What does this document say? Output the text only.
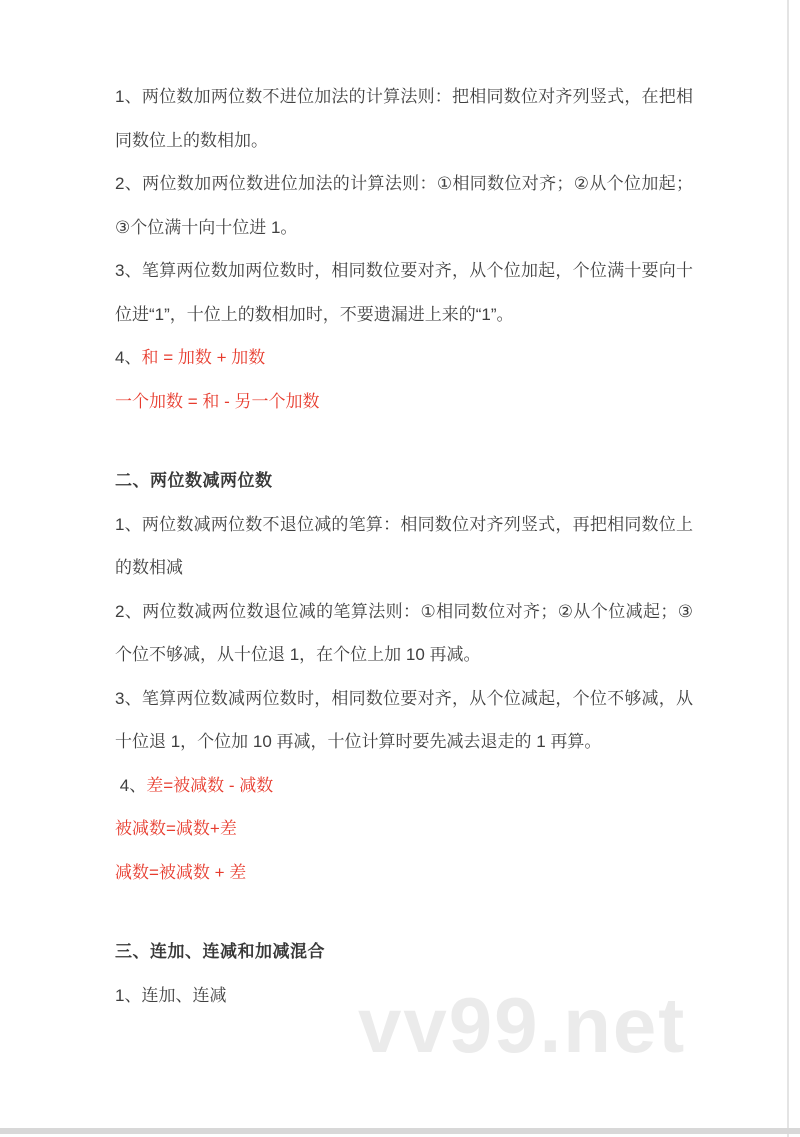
vv99.net

1、两位数加两位数不进位加法的计算法则：把相同数位对齐列竖式，在把相同数位上的数相加。

2、两位数加两位数进位加法的计算法则：①相同数位对齐；②从个位加起；③个位满十向十位进 1。

3、笔算两位数加两位数时，相同数位要对齐，从个位加起，个位满十要向十位进“1”，十位上的数相加时，不要遗漏进上来的“1”。

4、和 = 加数 + 加数

一个加数 = 和 - 另一个加数

二、两位数减两位数

1、两位数减两位数不退位减的笔算：相同数位对齐列竖式，再把相同数位上的数相减

2、两位数减两位数退位减的笔算法则：①相同数位对齐；②从个位减起；③个位不够减，从十位退 1，在个位上加 10 再减。

3、笔算两位数减两位数时，相同数位要对齐，从个位减起，个位不够减，从十位退 1，个位加 10 再减，十位计算时要先减去退走的 1 再算。

4、差=被减数 - 减数

被减数=减数+差

减数=被减数 + 差

三、连加、连减和加减混合

1、连加、连减
